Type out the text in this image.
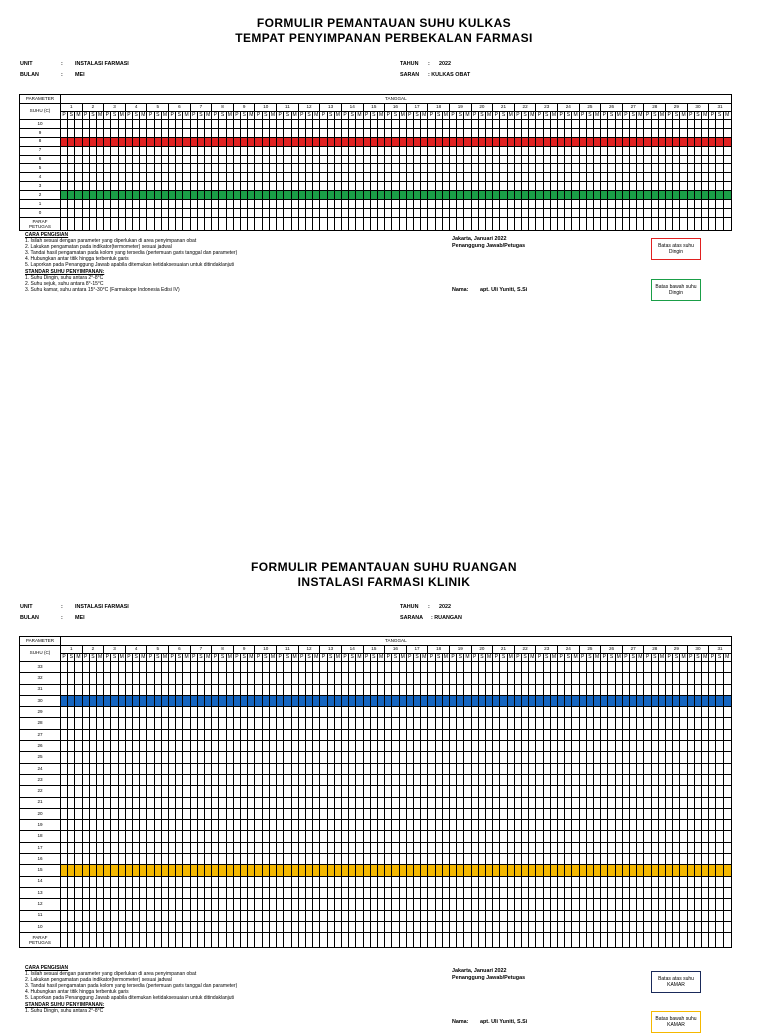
FORMULIR PEMANTAUAN SUHU KULKAS
TEMPAT PENYIMPANAN PERBEKALAN FARMASI
UNIT	: INSTALASI FARMASI
BULAN	: MEI
TAHUN : 2022
SARAN : KULKAS OBAT
PARAMETER	TANGGAL
SUHU (C)	1	2	3	4	5	6	7	8	9	10	11	12	13	14	15	16	17	18	19	20	21	22	23	24	25	26	27	28	29	30	31
P	S	M	P	S	M	P	S	M	P	S	M	P	S	M	P	S	M	P	S	M	P	S	M	P	S	M	P	S	M	P	S	M	P	S	M	P	S	M	P	S	M	P	S	M	P	S	M	P	S	M	P	S	M	P	S	M	P	S	M	P	S	M	P	S	M	P	S	M	P	S	M	P	S	M	P	S	M	P	S	M	P	S	M	P	S	M	P	S	M	P	S	M
10																																																																																													
9																																																																																													
8																																																																																													
7																																																																																													
6																																																																																													
5																																																																																													
4																																																																																													
3																																																																																													
2																																																																																													
1																																																																																													
0																																																																																													
PARAF
PETUGAS																																																																																													
CARA PENGISIAN
1. Isilah sesuai dengan parameter yang diperlukan di area penyimpanan obat
2. Lakukan pengamatan pada indikator(termometer) sesuai jadwal
3. Tandai hasil pengamatan pada kolom yang tersedia (pertemuan garis tanggal dan parameter)
4. Hubungkan antar titik hingga terbentuk garis
5. Laporkan pada Penanggung Jawab apabila ditemukan ketidaksesuaian untuk ditindaklanjuti
STANDAR SUHU PENYIMPANAN:
1. Suhu Dingin, suhu antara 2°-8°C
2. Suhu sejuk, suhu antara 8°-15°C
3. Suhu kamar, suhu antara 15°-30°C (Farmakope Indonesia Edisi IV)
Jakarta, Januari 2022
Penanggung Jawab/Petugas
Nama: apt. Uli Yuniti, S.Si
Batas atas suhu Dingin
Batas bawah suhu Dingin
FORMULIR PEMANTAUAN SUHU RUANGAN
INSTALASI FARMASI KLINIK
UNIT	: INSTALASI FARMASI
BULAN	: MEI
TAHUN : 2022
SARANA : RUANGAN
PARAMETER	TANGGAL
SUHU (C)	1	2	3	4	5	6	7	8	9	10	11	12	13	14	15	16	17	18	19	20	21	22	23	24	25	26	27	28	29	30	31
P	S	M	P	S	M	P	S	M	P	S	M	P	S	M	P	S	M	P	S	M	P	S	M	P	S	M	P	S	M	P	S	M	P	S	M	P	S	M	P	S	M	P	S	M	P	S	M	P	S	M	P	S	M	P	S	M	P	S	M	P	S	M	P	S	M	P	S	M	P	S	M	P	S	M	P	S	M	P	S	M	P	S	M	P	S	M	P	S	M	P	S	M
33																																																																																													
32																																																																																													
31																																																																																													
30																																																																																													
29																																																																																													
28																																																																																													
27																																																																																													
26																																																																																													
25																																																																																													
24																																																																																													
23																																																																																													
22																																																																																													
21																																																																																													
20																																																																																													
19																																																																																													
18																																																																																													
17																																																																																													
16																																																																																													
15																																																																																													
14																																																																																													
13																																																																																													
12																																																																																													
11																																																																																													
10																																																																																													
PARAF
PETUGAS																																																																																													
CARA PENGISIAN
1. Isilah sesuai dengan parameter yang diperlukan di area penyimpanan obat
2. Lakukan pengamatan pada indikator(termometer) sesuai jadwal
3. Tandai hasil pengamatan pada kolom yang tersedia (pertemuan garis tanggal dan parameter)
4. Hubungkan antar titik hingga terbentuk garis
5. Laporkan pada Penanggung Jawab apabila ditemukan ketidaksesuaian untuk ditindaklanjuti
STANDAR SUHU PENYIMPANAN:
1. Suhu Dingin, suhu antara 2°-8°C
Jakarta, Januari 2022
Penanggung Jawab/Petugas
Nama: apt. Uli Yuniti, S.Si
Batas atas suhu KAMAR
Batas bawah suhu KAMAR
